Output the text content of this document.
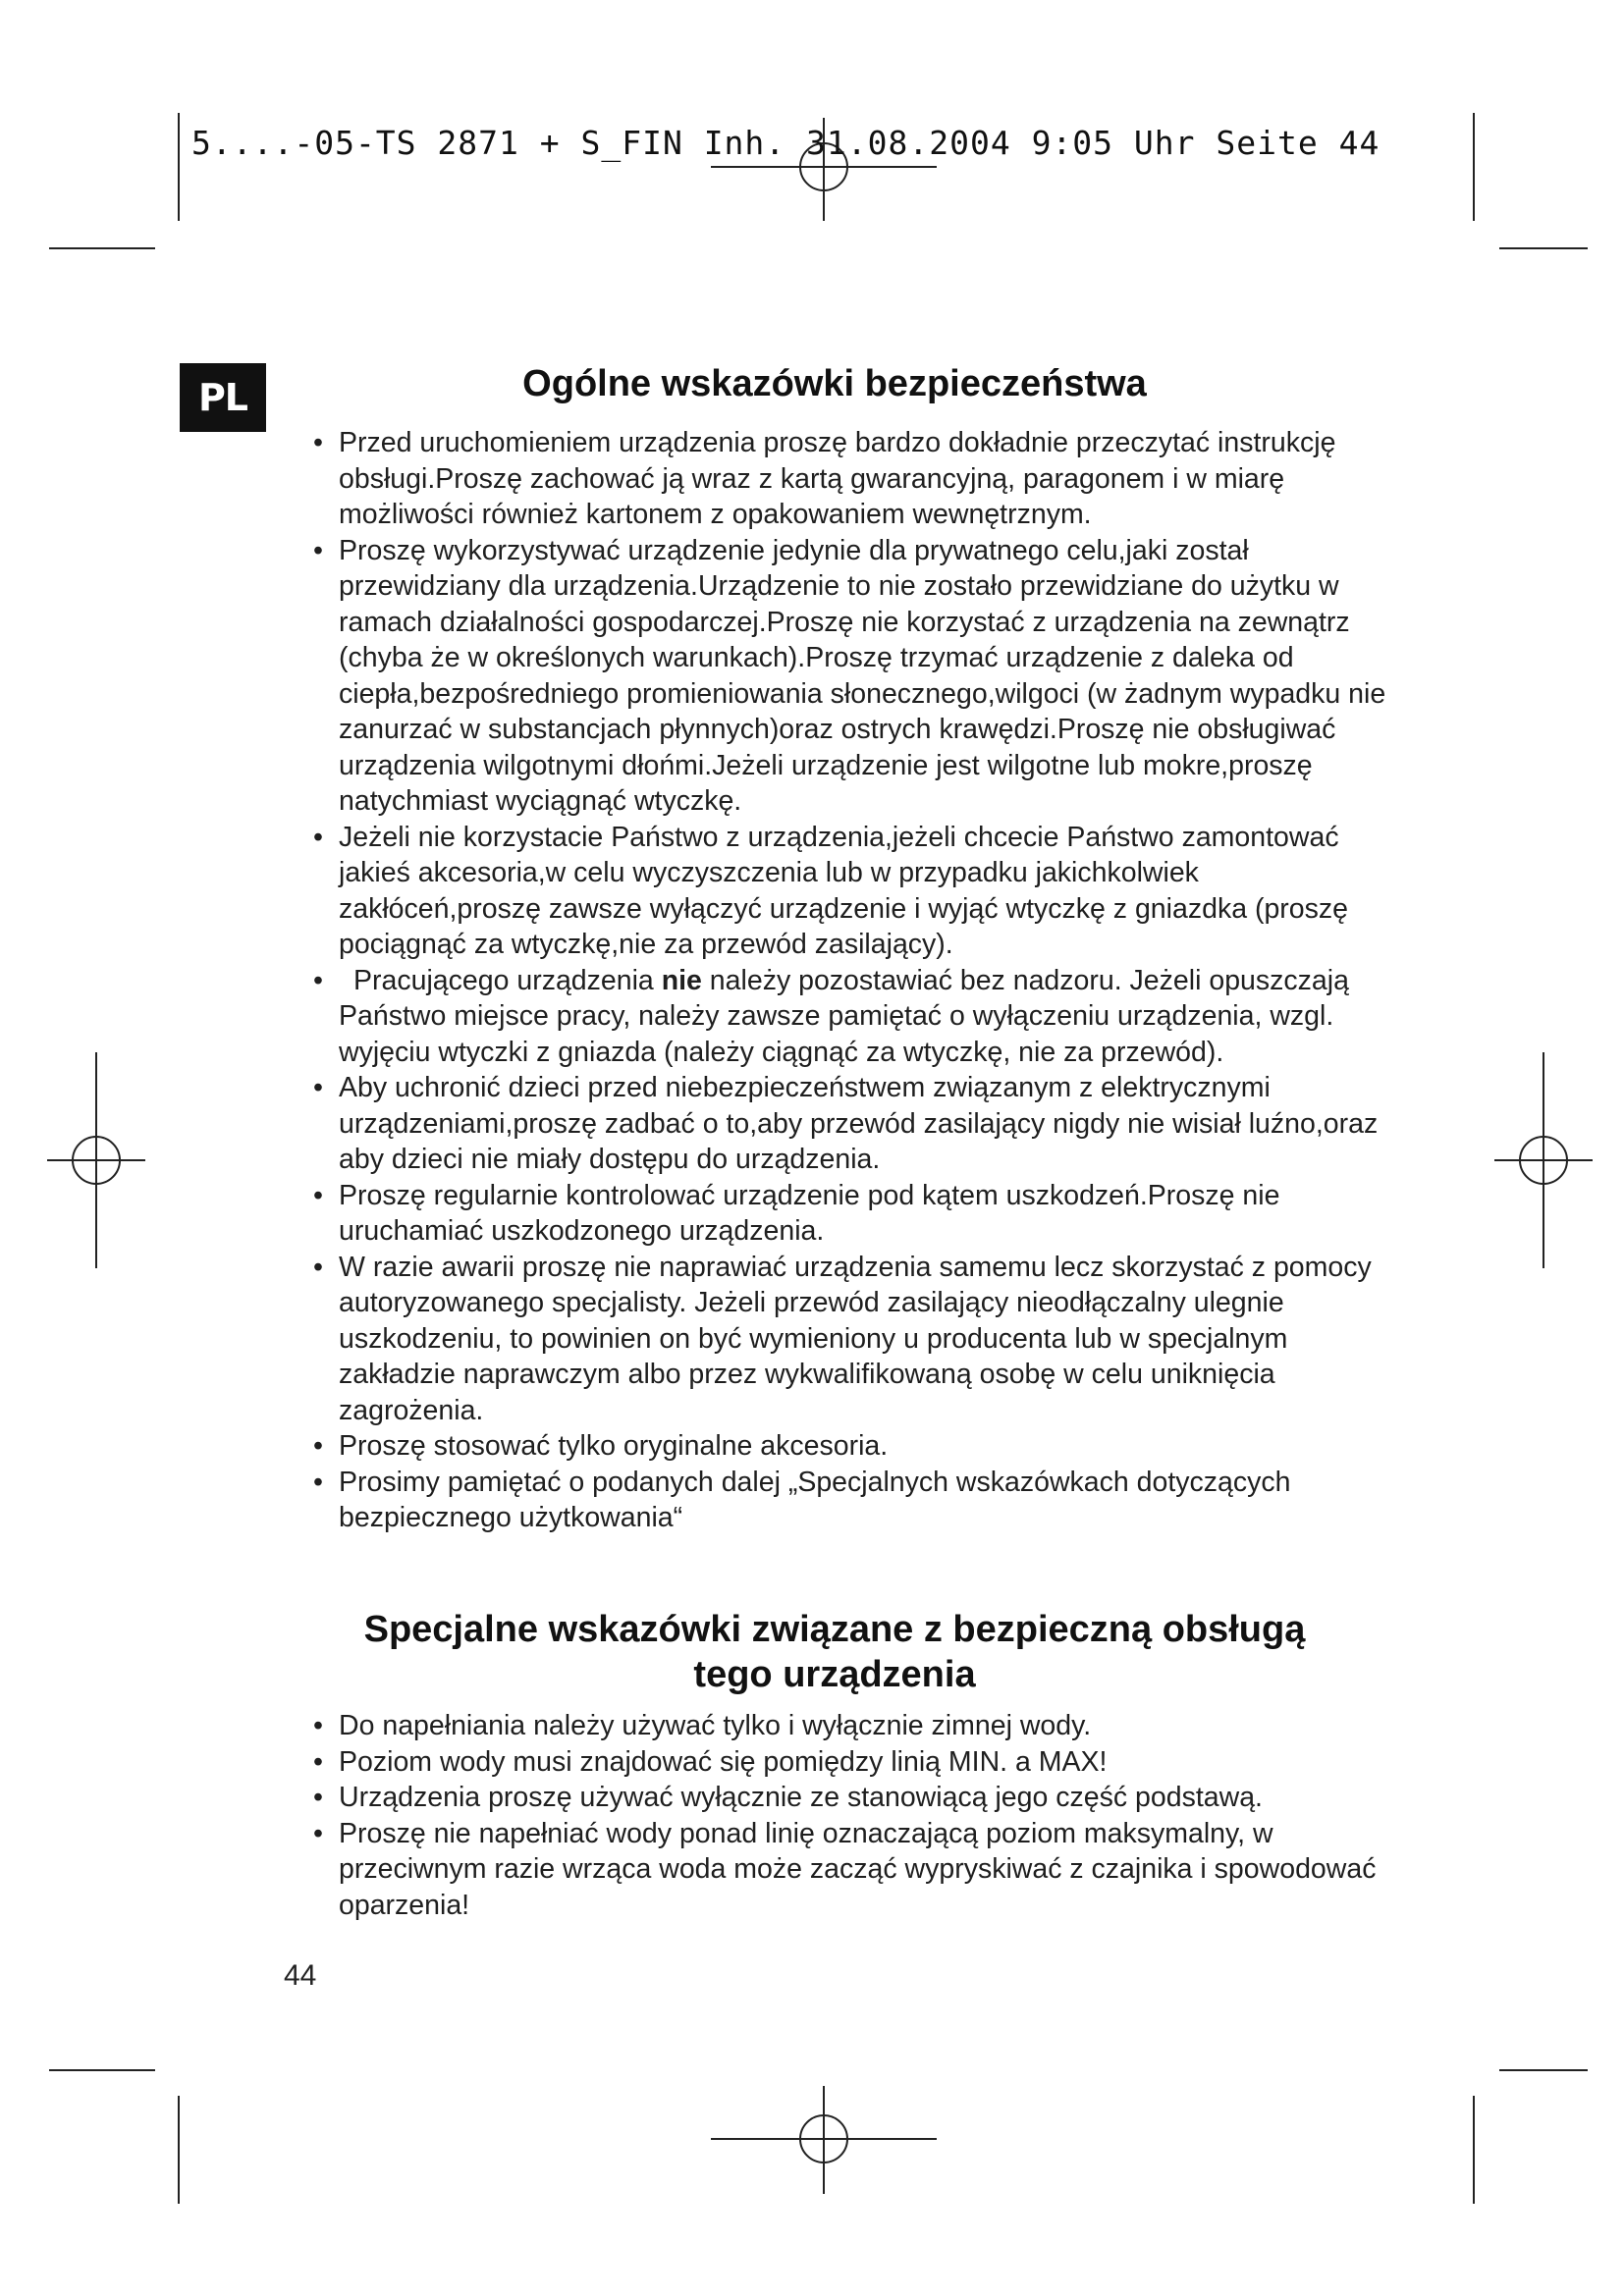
5....-05-TS 2871 + S_FIN Inh. 31.08.2004 9:05 Uhr Seite 44
PL	Ogólne wskazówki bezpieczeństwa
• Przed uruchomieniem urządzenia proszę bardzo dokładnie przeczytać instrukcję obsługi.Proszę zachować ją wraz z kartą gwarancyjną, paragonem i w miarę możliwości również kartonem z opakowaniem wewnętrznym.
• Proszę wykorzystywać urządzenie jedynie dla prywatnego celu,jaki został przewidziany dla urządzenia.Urządzenie to nie zostało przewidziane do użytku w ramach działalności gospodarczej.Proszę nie korzystać z urządzenia na zewnątrz (chyba że w określonych warunkach).Proszę trzymać urządzenie z daleka od ciepła,bezpośredniego promieniowania słonecznego,wilgoci (w żadnym wypadku nie zanurzać w substancjach płynnych)oraz ostrych krawędzi.Proszę nie obsługiwać urządzenia wilgotnymi dłońmi.Jeżeli urządzenie jest wilgotne lub mokre,proszę natychmiast wyciągnąć wtyczkę.
• Jeżeli nie korzystacie Państwo z urządzenia,jeżeli chcecie Państwo zamontować jakieś akcesoria,w celu wyczyszczenia lub w przypadku jakichkolwiek zakłóceń,proszę zawsze wyłączyć urządzenie i wyjąć wtyczkę z gniazdka (proszę pociągnąć za wtyczkę,nie za przewód zasilający).
• Pracującego urządzenia nie należy pozostawiać bez nadzoru. Jeżeli opuszczają Państwo miejsce pracy, należy zawsze pamiętać o wyłączeniu urządzenia, wzgl. wyjęciu wtyczki z gniazda (należy ciągnąć za wtyczkę, nie za przewód).
• Aby uchronić dzieci przed niebezpieczeństwem związanym z elektrycznymi urządzeniami,proszę zadbać o to,aby przewód zasilający nigdy nie wisiał luźno,oraz aby dzieci nie miały dostępu do urządzenia.
• Proszę regularnie kontrolować urządzenie pod kątem uszkodzeń.Proszę nie uruchamiać uszkodzonego urządzenia.
• W razie awarii proszę nie naprawiać urządzenia samemu lecz skorzystać z pomocy autoryzowanego specjalisty. Jeżeli przewód zasilający nieodłączalny ulegnie uszkodzeniu, to powinien on być wymieniony u producenta lub w specjalnym zakładzie naprawczym albo przez wykwalifikowaną osobę w celu uniknięcia zagrożenia.
• Proszę stosować tylko oryginalne akcesoria.
• Prosimy pamiętać o podanych dalej „Specjalnych wskazówkach dotyczących bezpiecznego użytkowania“
Specjalne wskazówki związane z bezpieczną obsługą
tego urządzenia
• Do napełniania należy używać tylko i wyłącznie zimnej wody.
• Poziom wody musi znajdować się pomiędzy linią MIN. a MAX!
• Urządzenia proszę używać wyłącznie ze stanowiącą jego część podstawą.
• Proszę nie napełniać wody ponad linię oznaczającą poziom maksymalny, w przeciwnym razie wrząca woda może zacząć wypryskiwać z czajnika i spowodować oparzenia!
44
